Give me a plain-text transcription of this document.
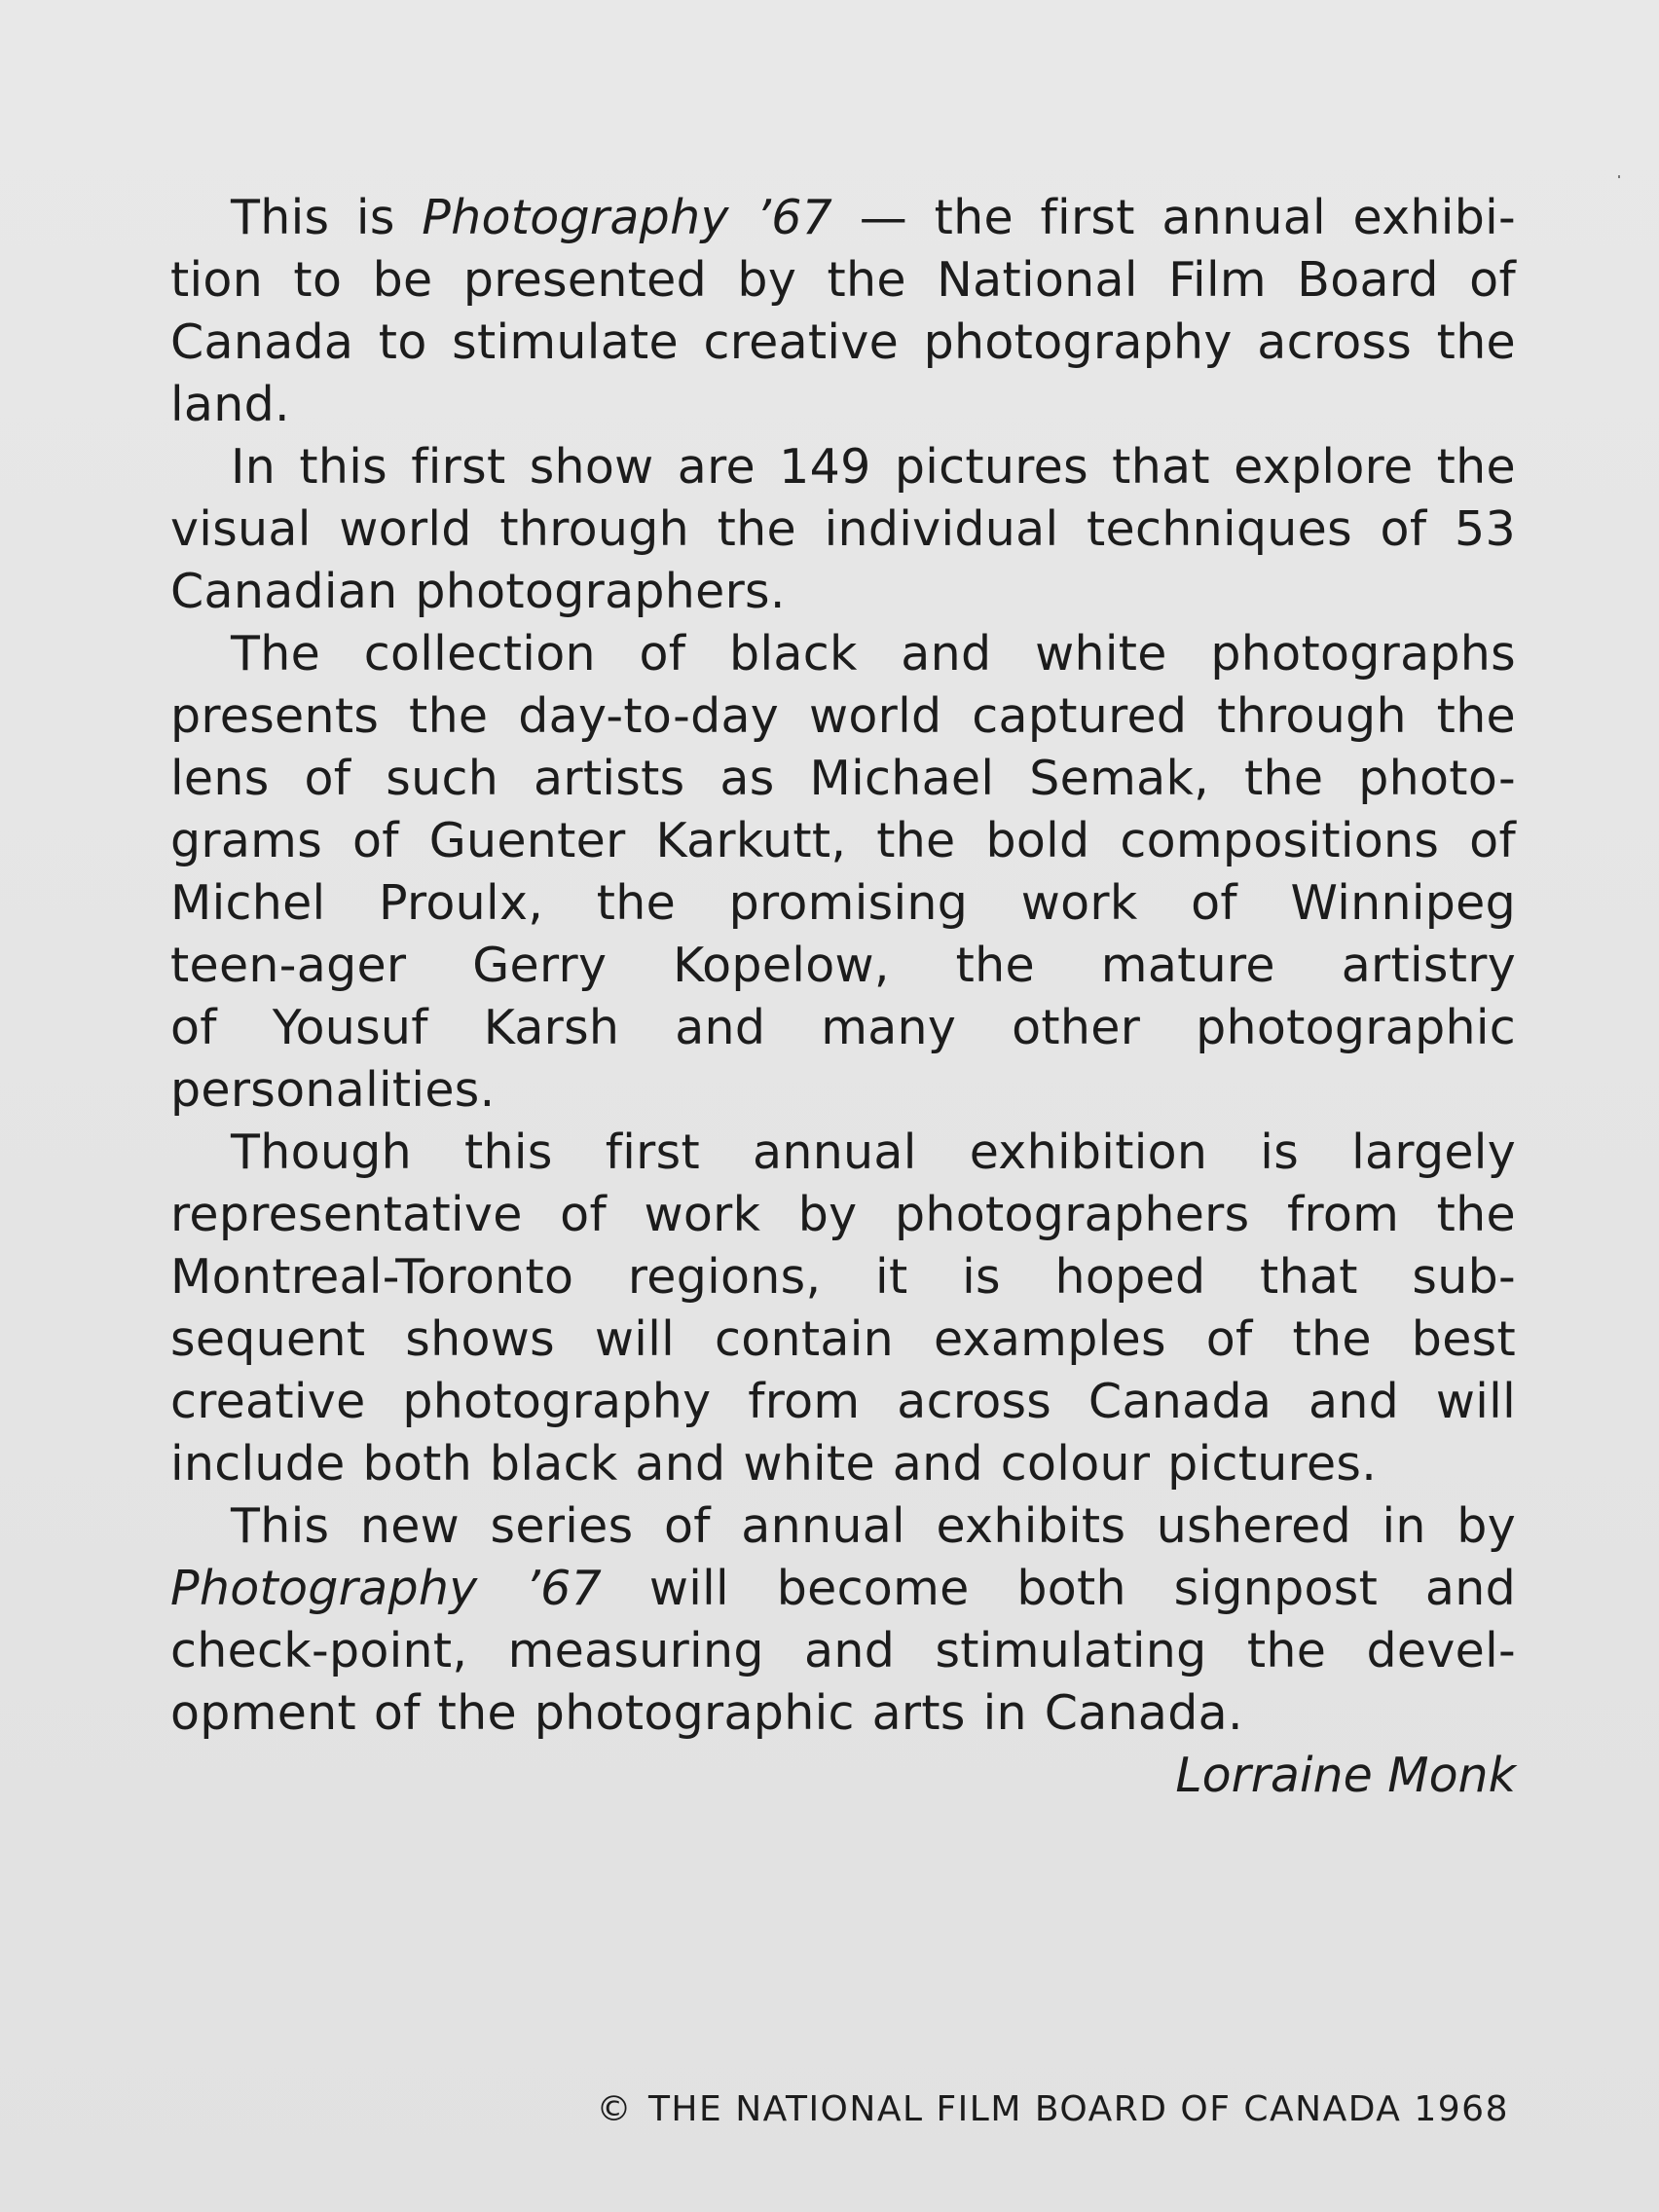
This is Photography ’67 — the first annual exhibi-
tion to be presented by the National Film Board of
Canada to stimulate creative photography across the
land.

In this first show are 149 pictures that explore the
visual world through the individual techniques of 53
Canadian photographers.

The collection of black and white photographs
presents the day-to-day world captured through the
lens of such artists as Michael Semak, the photo-
grams of Guenter Karkutt, the bold compositions of
Michel Proulx, the promising work of Winnipeg
teen-ager Gerry Kopelow, the mature artistry
of Yousuf Karsh and many other photographic
personalities.

Though this first annual exhibition is largely
representative of work by photographers from the
Montreal-Toronto regions, it is hoped that sub-
sequent shows will contain examples of the best
creative photography from across Canada and will
include both black and white and colour pictures.

This new series of annual exhibits ushered in by
Photography ’67 will become both signpost and
check-point, measuring and stimulating the devel-
opment of the photographic arts in Canada.

Lorraine Monk

© THE NATIONAL FILM BOARD OF CANADA 1968
